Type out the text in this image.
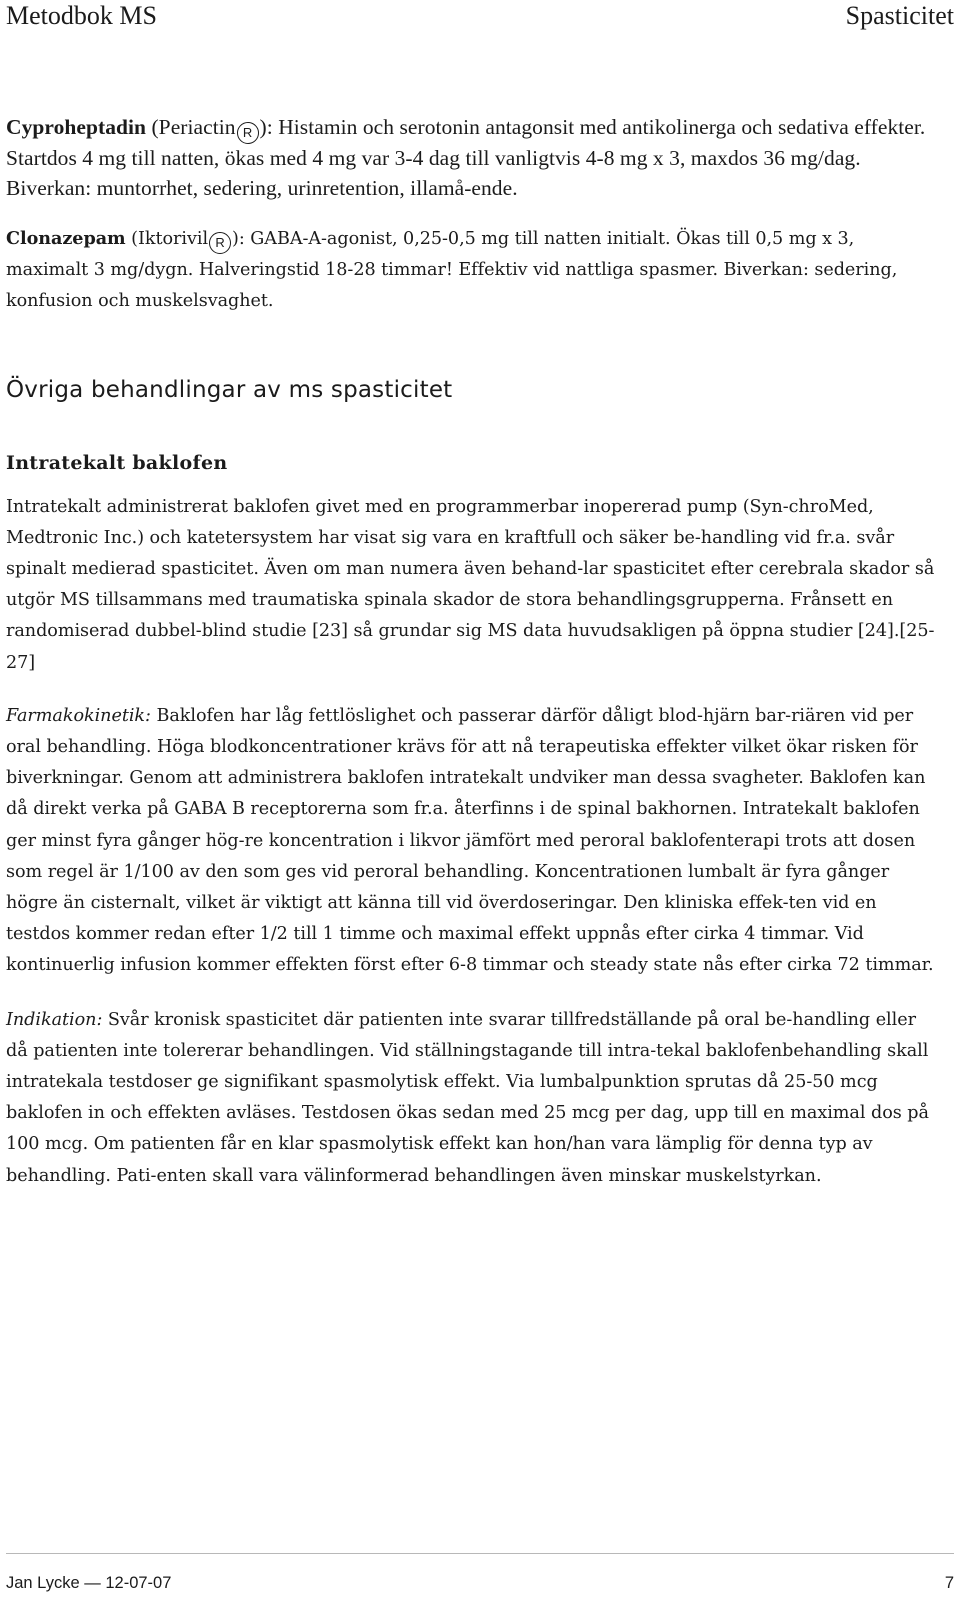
Metodbok MS	Spasticitet

Cyproheptadin (Periactin R ): Histamin och serotonin antagonsit med antikolinerga och sedativa effekter. Startdos 4 mg till natten, ökas med 4 mg var 3-4 dag till vanligtvis 4-8 mg x 3, maxdos 36 mg/dag. Biverkan: muntorrhet, sedering, urinretention, illamå-ende.

Clonazepam (Iktorivil R ): GABA-A-agonist, 0,25-0,5 mg till natten initialt. Ökas till 0,5 mg x 3, maximalt 3 mg/dygn. Halveringstid 18-28 timmar! Effektiv vid nattliga spasmer. Biverkan: sedering, konfusion och muskelsvaghet.

Övriga behandlingar av ms spasticitet
Intratekalt baklofen

Intratekalt administrerat baklofen givet med en programmerbar inopererad pump (Syn-chroMed, Medtronic Inc.) och katetersystem har visat sig vara en kraftfull och säker be-handling vid fr.a. svår spinalt medierad spasticitet. Även om man numera även behand-lar spasticitet efter cerebrala skador så utgör MS tillsammans med traumatiska spinala skador de stora behandlingsgrupperna. Frånsett en randomiserad dubbel-blind studie [23] så grundar sig MS data huvudsakligen på öppna studier [24].[25-27]

Farmakokinetik: Baklofen har låg fettlöslighet och passerar därför dåligt blod-hjärn bar-riären vid per oral behandling. Höga blodkoncentrationer krävs för att nå terapeutiska effekter vilket ökar risken för biverkningar. Genom att administrera baklofen intratekalt undviker man dessa svagheter. Baklofen kan då direkt verka på GABA B receptorerna som fr.a. återfinns i de spinal bakhornen. Intratekalt baklofen ger minst fyra gånger hög-re koncentration i likvor jämfört med peroral baklofenterapi trots att dosen som regel är 1/100 av den som ges vid peroral behandling. Koncentrationen lumbalt är fyra gånger högre än cisternalt, vilket är viktigt att känna till vid överdoseringar. Den kliniska effek-ten vid en testdos kommer redan efter 1/2 till 1 timme och maximal effekt uppnås efter cirka 4 timmar. Vid kontinuerlig infusion kommer effekten först efter 6-8 timmar och steady state nås efter cirka 72 timmar.

Indikation: Svår kronisk spasticitet där patienten inte svarar tillfredställande på oral be-handling eller då patienten inte tolererar behandlingen. Vid ställningstagande till intra-tekal baklofenbehandling skall intratekala testdoser ge signifikant spasmolytisk effekt. Via lumbalpunktion sprutas då 25-50 mcg baklofen in och effekten avläses. Testdosen ökas sedan med 25 mcg per dag, upp till en maximal dos på 100 mcg. Om patienten får en klar spasmolytisk effekt kan hon/han vara lämplig för denna typ av behandling. Pati-enten skall vara välinformerad behandlingen även minskar muskelstyrkan.

Jan Lycke — 12-07-07	7
